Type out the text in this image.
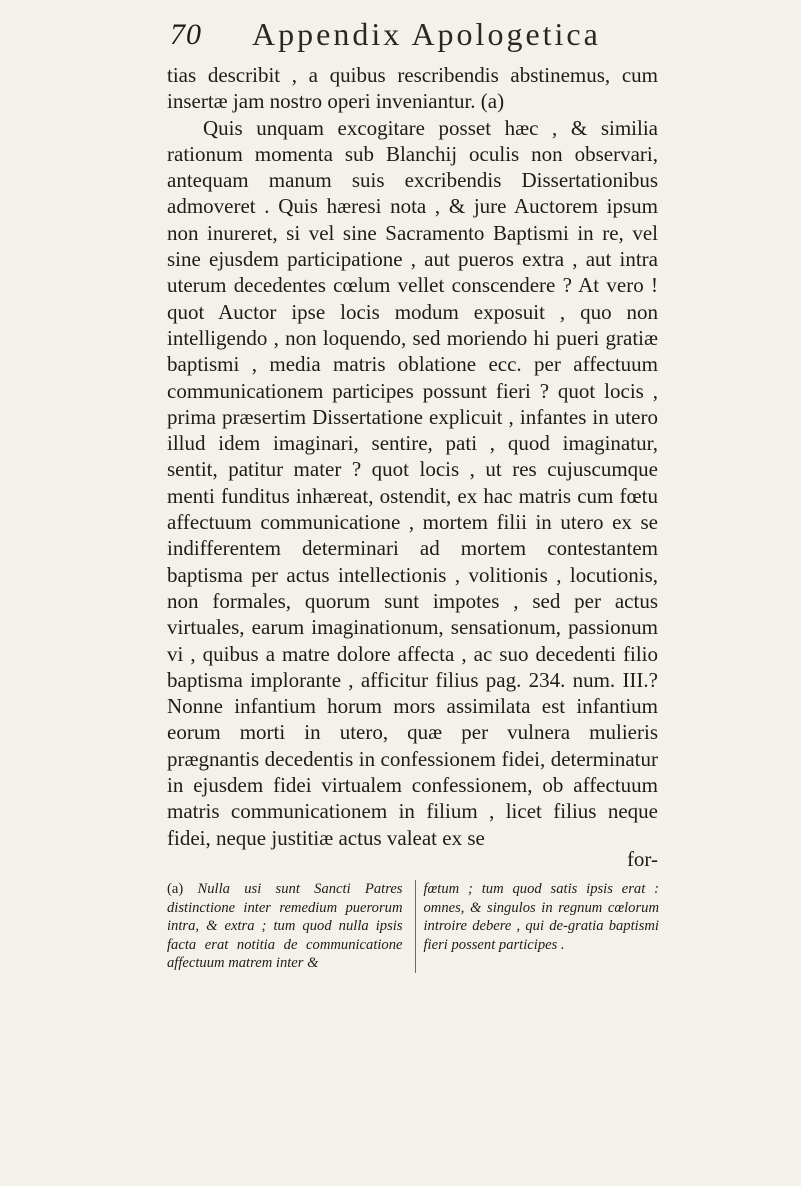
70 Appendix Apologetica

tias describit , a quibus rescribendis abstinemus, cum insertæ jam nostro operi inveniantur. (a)

Quis unquam excogitare posset hæc , & similia rationum momenta sub Blanchij oculis non observari, antequam manum suis excribendis Dissertationibus admoveret . Quis hæresi nota , & jure Auctorem ipsum non inureret, si vel sine Sacramento Baptismi in re, vel sine ejusdem participatione , aut pueros extra , aut intra uterum decedentes cœlum vellet conscendere ? At vero ! quot Auctor ipse locis modum exposuit , quo non intelligendo , non loquendo, sed moriendo hi pueri gratiæ baptismi , media matris oblatione ecc. per affectuum communicationem participes possunt fieri ? quot locis , prima præsertim Dissertatione explicuit , infantes in utero illud idem imaginari, sentire, pati , quod imaginatur, sentit, patitur mater ? quot locis , ut res cujuscumque menti funditus inhæreat, ostendit, ex hac matris cum fœtu affectuum communicatione , mortem filii in utero ex se indifferentem determinari ad mortem contestantem baptisma per actus intellectionis , volitionis , locutionis, non formales, quorum sunt impotes , sed per actus virtuales, earum imaginationum, sensationum, passionum vi , quibus a matre dolore affecta , ac suo decedenti filio baptisma implorante , afficitur filius pag. 234. num. III.? Nonne infantium horum mors assimilata est infantium eorum morti in utero, quæ per vulnera mulieris prægnantis decedentis in confessionem fidei, determinatur in ejusdem fidei virtualem confessionem, ob affectuum matris communicationem in filium , licet filius neque fidei, neque justitiæ actus valeat ex se

for-
(a) Nulla usi sunt Sancti Patres distinctione inter remedium puerorum intra, & extra ; tum quod nulla ipsis facta erat notitia de communicatione affectuum matrem inter &
fœtum ; tum quod satis ipsis erat : omnes, & singulos in regnum cœlorum introire debere , qui de-gratia baptismi fieri possent participes .
